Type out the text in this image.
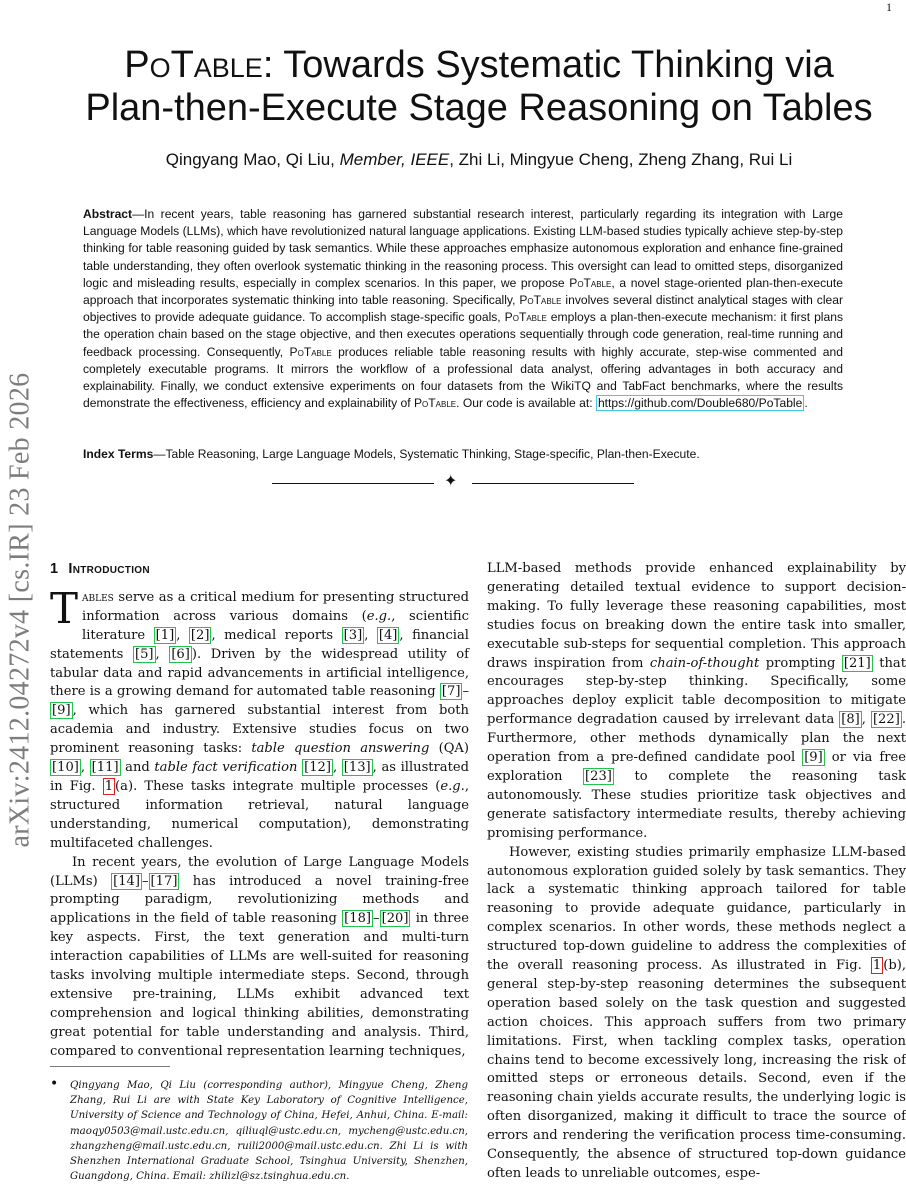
1
arXiv:2412.04272v4 [cs.IR] 23 Feb 2026
PoTable: Towards Systematic Thinking via
Plan-then-Execute Stage Reasoning on Tables
Qingyang Mao, Qi Liu, Member, IEEE, Zhi Li, Mingyue Cheng, Zheng Zhang, Rui Li
Abstract—In recent years, table reasoning has garnered substantial research interest, particularly regarding its integration with Large Language Models (LLMs), which have revolutionized natural language applications. Existing LLM-based studies typically achieve step-by-step thinking for table reasoning guided by task semantics. While these approaches emphasize autonomous exploration and enhance fine-grained table understanding, they often overlook systematic thinking in the reasoning process. This oversight can lead to omitted steps, disorganized logic and misleading results, especially in complex scenarios. In this paper, we propose PoTable, a novel stage-oriented plan-then-execute approach that incorporates systematic thinking into table reasoning. Specifically, PoTable involves several distinct analytical stages with clear objectives to provide adequate guidance. To accomplish stage-specific goals, PoTable employs a plan-then-execute mechanism: it first plans the operation chain based on the stage objective, and then executes operations sequentially through code generation, real-time running and feedback processing. Consequently, PoTable produces reliable table reasoning results with highly accurate, step-wise commented and completely executable programs. It mirrors the workflow of a professional data analyst, offering advantages in both accuracy and explainability. Finally, we conduct extensive experiments on four datasets from the WikiTQ and TabFact benchmarks, where the results demonstrate the effectiveness, efficiency and explainability of PoTable. Our code is available at: https://github.com/Double680/PoTable .
Index Terms—Table Reasoning, Large Language Models, Systematic Thinking, Stage-specific, Plan-then-Execute.
✦
1 Introduction

Tables serve as a critical medium for presenting structured information across various domains (e.g., scientific literature [1] , [2] , medical reports [3] , [4] , financial statements [5] , [6] ). Driven by the widespread utility of tabular data and rapid advancements in artificial intelligence, there is a growing demand for automated table reasoning [7] –[9] , which has garnered substantial interest from both academia and industry. Extensive studies focus on two prominent reasoning tasks: table question answering (QA) [10] , [11] and table fact verification [12] , [13] , as illustrated in Fig. 1 (a). These tasks integrate multiple processes (e.g., structured information retrieval, natural language understanding, numerical computation), demonstrating multifaceted challenges.

In recent years, the evolution of Large Language Models (LLMs) [14] – [17] has introduced a novel training-free prompting paradigm, revolutionizing methods and applications in the field of table reasoning [18] – [20] in three key aspects. First, the text generation and multi-turn interaction capabilities of LLMs are well-suited for reasoning tasks involving multiple intermediate steps. Second, through extensive pre-training, LLMs exhibit advanced text comprehension and logical thinking abilities, demonstrating great potential for table understanding and analysis. Third, compared to conventional representation learning techniques,

LLM-based methods provide enhanced explainability by generating detailed textual evidence to support decision-making. To fully leverage these reasoning capabilities, most studies focus on breaking down the entire task into smaller, executable sub-steps for sequential completion. This approach draws inspiration from chain-of-thought prompting [21] that encourages step-by-step thinking. Specifically, some approaches deploy explicit table decomposition to mitigate performance degradation caused by irrelevant data [8] , [22] . Furthermore, other methods dynamically plan the next operation from a pre-defined candidate pool [9] or via free exploration [23] to complete the reasoning task autonomously. These studies prioritize task objectives and generate satisfactory intermediate results, thereby achieving promising performance.

However, existing studies primarily emphasize LLM-based autonomous exploration guided solely by task semantics. They lack a systematic thinking approach tailored for table reasoning to provide adequate guidance, particularly in complex scenarios. In other words, these methods neglect a structured top-down guideline to address the complexities of the overall reasoning process. As illustrated in Fig. 1 (b), general step-by-step reasoning determines the subsequent operation based solely on the task question and suggested action choices. This approach suffers from two primary limitations. First, when tackling complex tasks, operation chains tend to become excessively long, increasing the risk of omitted steps or erroneous details. Second, even if the reasoning chain yields accurate results, the underlying logic is often disorganized, making it difficult to trace the source of errors and rendering the verification process time-consuming. Consequently, the absence of structured top-down guidance often leads to unreliable outcomes, espe-

• Qingyang Mao, Qi Liu (corresponding author), Mingyue Cheng, Zheng Zhang, Rui Li are with State Key Laboratory of Cognitive Intelligence, University of Science and Technology of China, Hefei, Anhui, China. E-mail: maoqy0503@mail.ustc.edu.cn, qiliuql@ustc.edu.cn, mycheng@ustc.edu.cn, zhangzheng@mail.ustc.edu.cn, ruili2000@mail.ustc.edu.cn. Zhi Li is with Shenzhen International Graduate School, Tsinghua University, Shenzhen, Guangdong, China. Email: zhilizl@sz.tsinghua.edu.cn.
